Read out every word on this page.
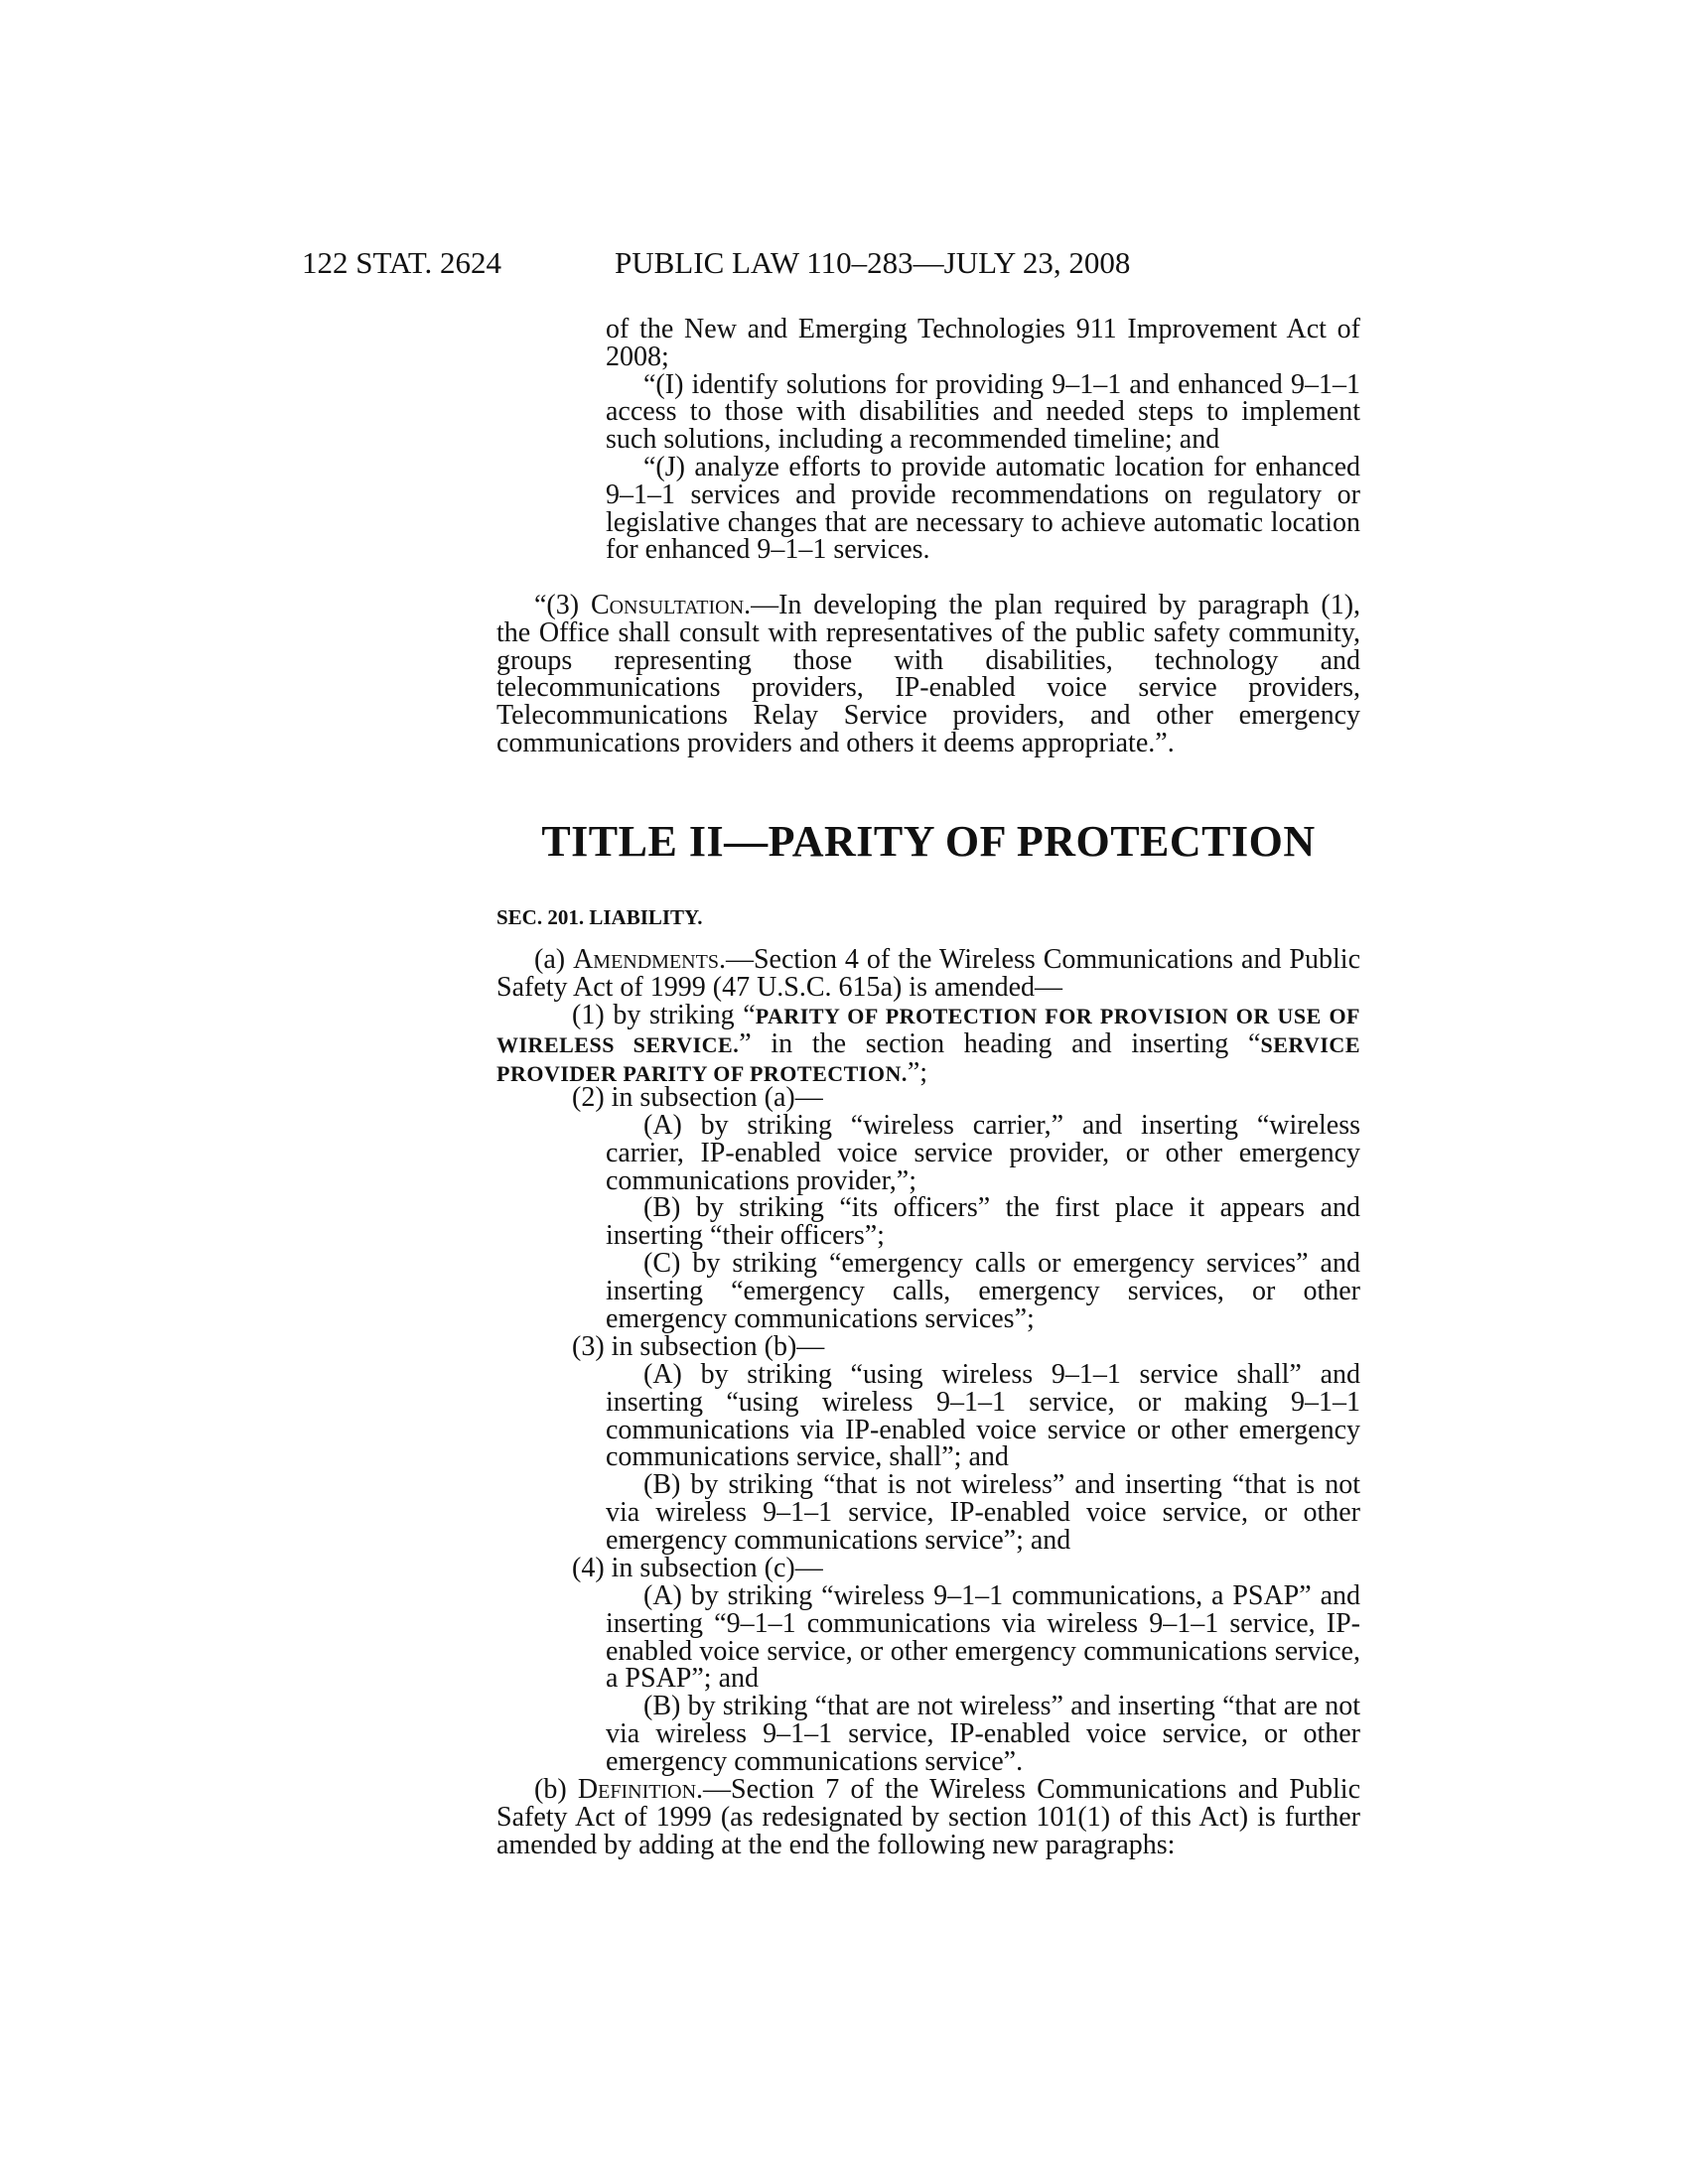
122 STAT. 2624	PUBLIC LAW 110–283—JULY 23, 2008

of the New and Emerging Technologies 911 Improvement Act of 2008;

“(I) identify solutions for providing 9–1–1 and enhanced 9–1–1 access to those with disabilities and needed steps to implement such solutions, including a recommended timeline; and

“(J) analyze efforts to provide automatic location for enhanced 9–1–1 services and provide recommendations on regulatory or legislative changes that are necessary to achieve automatic location for enhanced 9–1–1 services.

“(3) Consultation.—In developing the plan required by paragraph (1), the Office shall consult with representatives of the public safety community, groups representing those with disabilities, technology and telecommunications providers, IP-enabled voice service providers, Telecommunications Relay Service providers, and other emergency communications providers and others it deems appropriate.”.

TITLE II—PARITY OF PROTECTION
SEC. 201. LIABILITY.

(a) Amendments.—Section 4 of the Wireless Communications and Public Safety Act of 1999 (47 U.S.C. 615a) is amended—

(1) by striking “PARITY OF PROTECTION FOR PROVISION OR USE OF WIRELESS SERVICE.” in the section heading and inserting “SERVICE PROVIDER PARITY OF PROTECTION.”;

(2) in subsection (a)—

(A) by striking “wireless carrier,” and inserting “wireless carrier, IP-enabled voice service provider, or other emergency communications provider,”;

(B) by striking “its officers” the first place it appears and inserting “their officers”;

(C) by striking “emergency calls or emergency services” and inserting “emergency calls, emergency services, or other emergency communications services”;

(3) in subsection (b)—

(A) by striking “using wireless 9–1–1 service shall” and inserting “using wireless 9–1–1 service, or making 9–1–1 communications via IP-enabled voice service or other emergency communications service, shall”; and

(B) by striking “that is not wireless” and inserting “that is not via wireless 9–1–1 service, IP-enabled voice service, or other emergency communications service”; and

(4) in subsection (c)—

(A) by striking “wireless 9–1–1 communications, a PSAP” and inserting “9–1–1 communications via wireless 9–1–1 service, IP-enabled voice service, or other emergency communications service, a PSAP”; and

(B) by striking “that are not wireless” and inserting “that are not via wireless 9–1–1 service, IP-enabled voice service, or other emergency communications service”.

(b) Definition.—Section 7 of the Wireless Communications and Public Safety Act of 1999 (as redesignated by section 101(1) of this Act) is further amended by adding at the end the following new paragraphs:
